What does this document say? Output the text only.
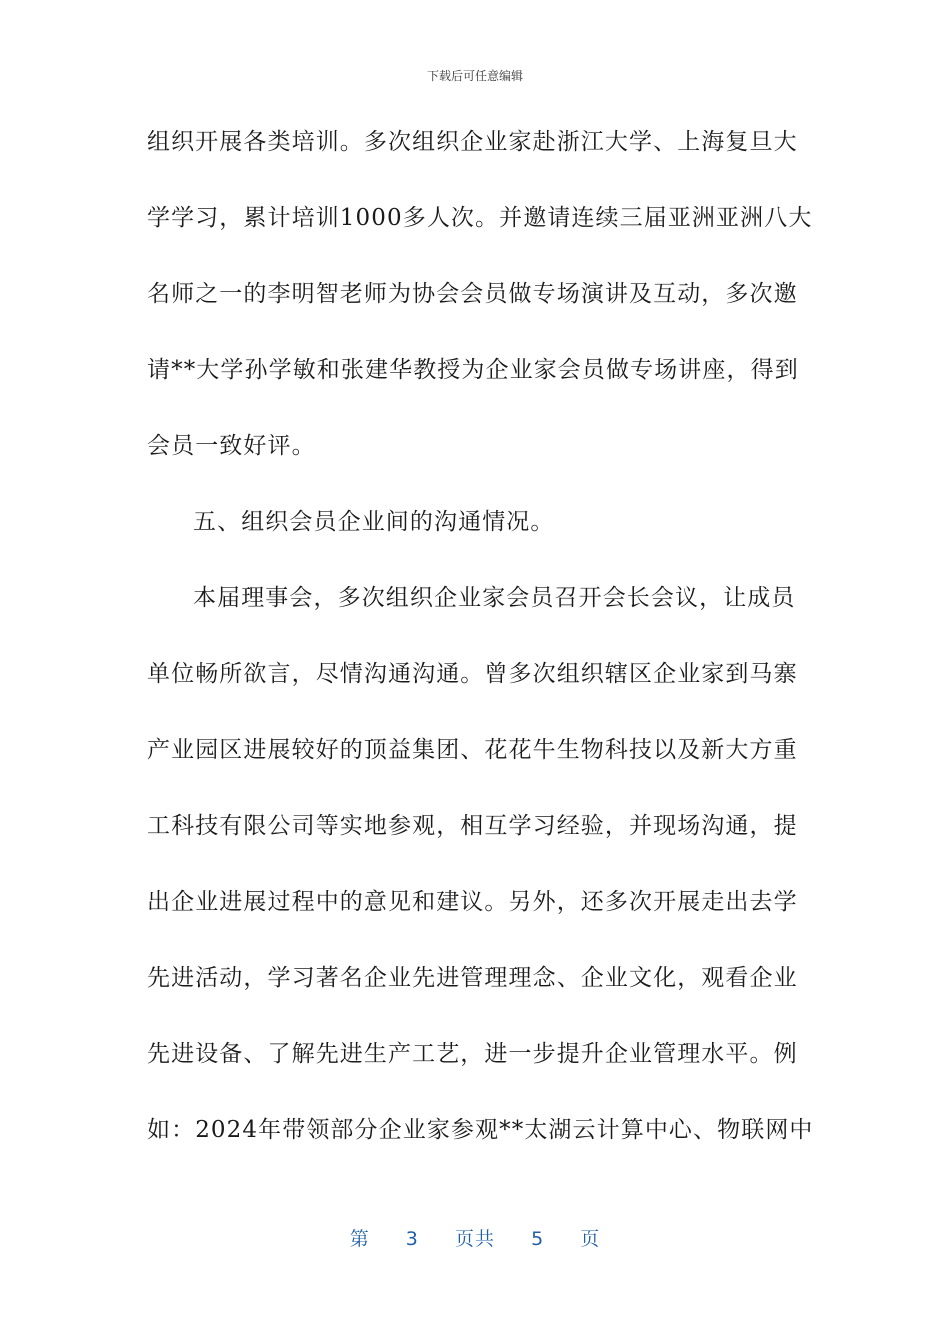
下载后可任意编辑
组织开展各类培训。多次组织企业家赴浙江大学、上海复旦大
学学习，累计培训1000多人次。并邀请连续三届亚洲亚洲八大
名师之一的李明智老师为协会会员做专场演讲及互动，多次邀
请**大学孙学敏和张建华教授为企业家会员做专场讲座，得到
会员一致好评。
五、组织会员企业间的沟通情况。
本届理事会，多次组织企业家会员召开会长会议，让成员
单位畅所欲言，尽情沟通沟通。曾多次组织辖区企业家到马寨
产业园区进展较好的顶益集团、花花牛生物科技以及新大方重
工科技有限公司等实地参观，相互学习经验，并现场沟通，提
出企业进展过程中的意见和建议。另外，还多次开展走出去学
先进活动，学习著名企业先进管理理念、企业文化，观看企业
先进设备、了解先进生产工艺，进一步提升企业管理水平。例
如：2024年带领部分企业家参观**太湖云计算中心、物联网中
第 3 页共 5 页
